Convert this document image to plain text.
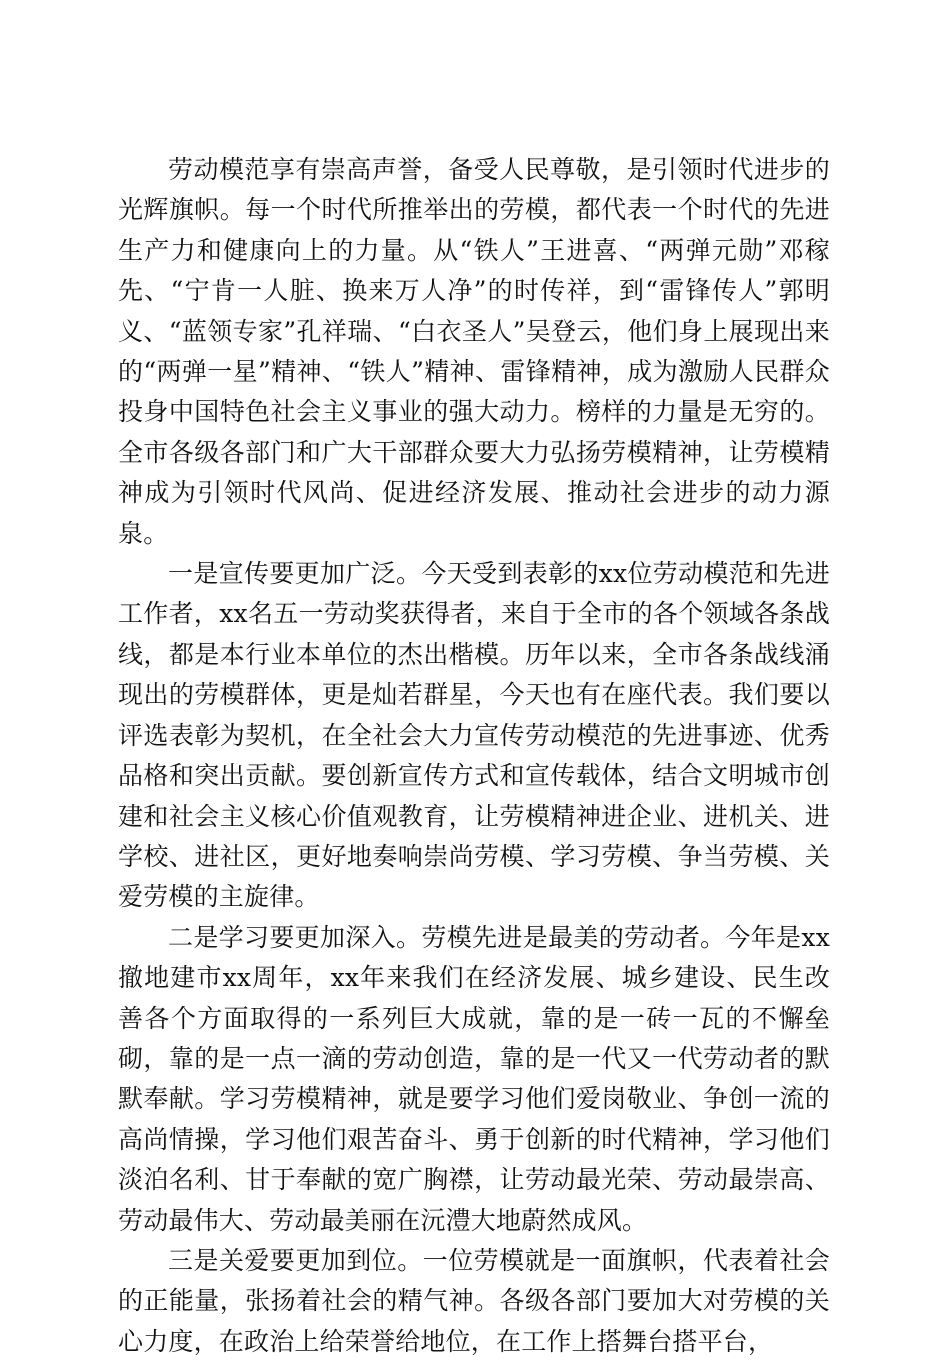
劳动模范享有崇高声誉，备受人民尊敬，是引领时代进步的光辉旗帜。每一个时代所推举出的劳模，都代表一个时代的先进生产力和健康向上的力量。从“铁人”王进喜、“两弹元勋”邓稼先、“宁肯一人脏、换来万人净”的时传祥，到“雷锋传人”郭明义、“蓝领专家”孔祥瑞、“白衣圣人”吴登云，他们身上展现出来的“两弹一星”精神、“铁人”精神、雷锋精神，成为激励人民群众投身中国特色社会主义事业的强大动力。榜样的力量是无穷的。全市各级各部门和广大干部群众要大力弘扬劳模精神，让劳模精神成为引领时代风尚、促进经济发展、推动社会进步的动力源泉。

一是宣传要更加广泛。今天受到表彰的xx位劳动模范和先进工作者，xx名五一劳动奖获得者，来自于全市的各个领域各条战线，都是本行业本单位的杰出楷模。历年以来，全市各条战线涌现出的劳模群体，更是灿若群星，今天也有在座代表。我们要以评选表彰为契机，在全社会大力宣传劳动模范的先进事迹、优秀品格和突出贡献。要创新宣传方式和宣传载体，结合文明城市创建和社会主义核心价值观教育，让劳模精神进企业、进机关、进学校、进社区，更好地奏响崇尚劳模、学习劳模、争当劳模、关爱劳模的主旋律。

二是学习要更加深入。劳模先进是最美的劳动者。今年是xx撤地建市xx周年，xx年来我们在经济发展、城乡建设、民生改善各个方面取得的一系列巨大成就，靠的是一砖一瓦的不懈垒砌，靠的是一点一滴的劳动创造，靠的是一代又一代劳动者的默默奉献。学习劳模精神，就是要学习他们爱岗敬业、争创一流的高尚情操，学习他们艰苦奋斗、勇于创新的时代精神，学习他们淡泊名利、甘于奉献的宽广胸襟，让劳动最光荣、劳动最崇高、劳动最伟大、劳动最美丽在沅澧大地蔚然成风。

三是关爱要更加到位。一位劳模就是一面旗帜，代表着社会的正能量，张扬着社会的精气神。各级各部门要加大对劳模的关心力度，在政治上给荣誉给地位，在工作上搭舞台搭平台，
